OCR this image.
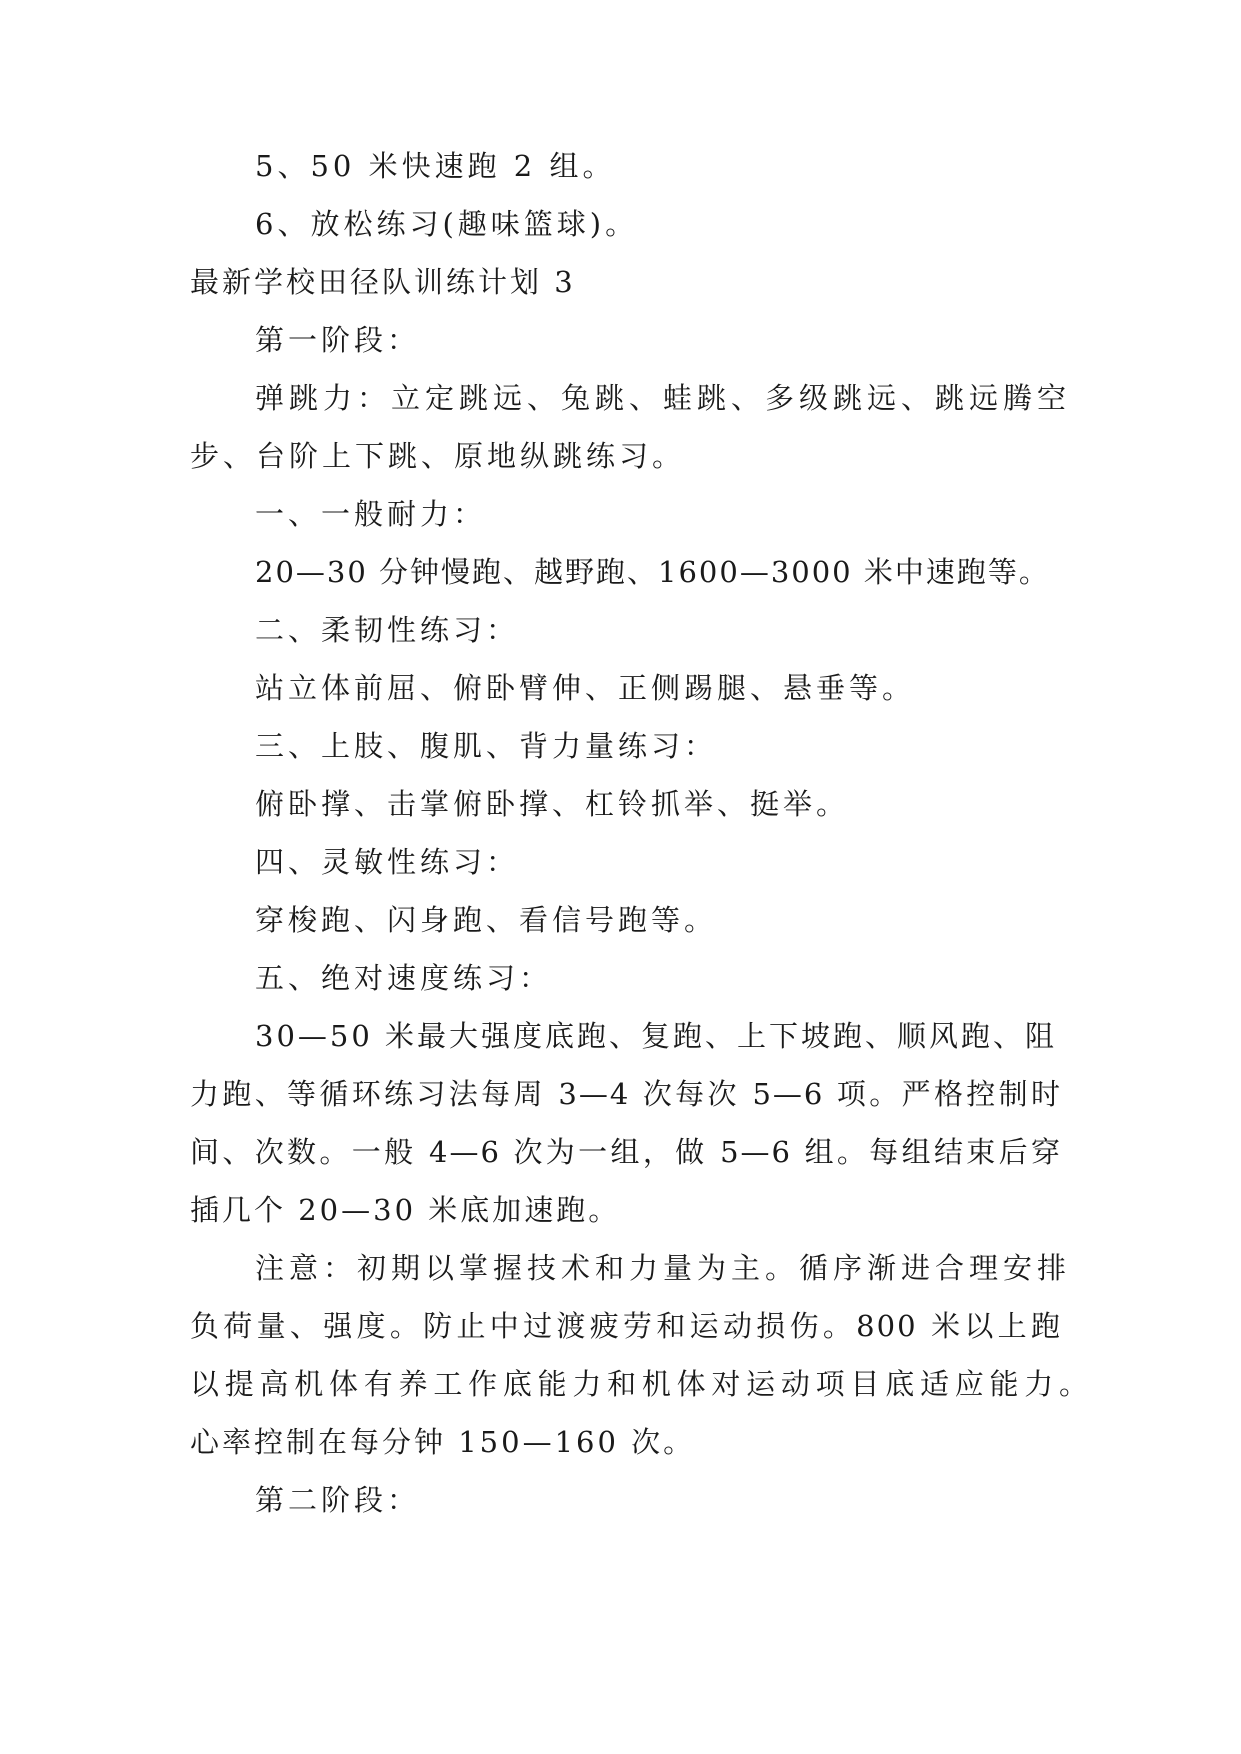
5、50 米快速跑 2 组。

6、放松练习(趣味篮球)。

最新学校田径队训练计划 3

第一阶段：

弹跳力：立定跳远、兔跳、蛙跳、多级跳远、跳远腾空

步、台阶上下跳、原地纵跳练习。

一、一般耐力：

20—30 分钟慢跑、越野跑、1600—3000 米中速跑等。

二、柔韧性练习：

站立体前屈、俯卧臂伸、正侧踢腿、悬垂等。

三、上肢、腹肌、背力量练习：

俯卧撑、击掌俯卧撑、杠铃抓举、挺举。

四、灵敏性练习：

穿梭跑、闪身跑、看信号跑等。

五、绝对速度练习：

30—50 米最大强度底跑、复跑、上下坡跑、顺风跑、阻

力跑、等循环练习法每周 3—4 次每次 5—6 项。严格控制时

间、次数。一般 4—6 次为一组，做 5—6 组。每组结束后穿

插几个 20—30 米底加速跑。

注意：初期以掌握技术和力量为主。循序渐进合理安排

负荷量、强度。防止中过渡疲劳和运动损伤。800 米以上跑

以提高机体有养工作底能力和机体对运动项目底适应能力。

心率控制在每分钟 150—160 次。

第二阶段：
